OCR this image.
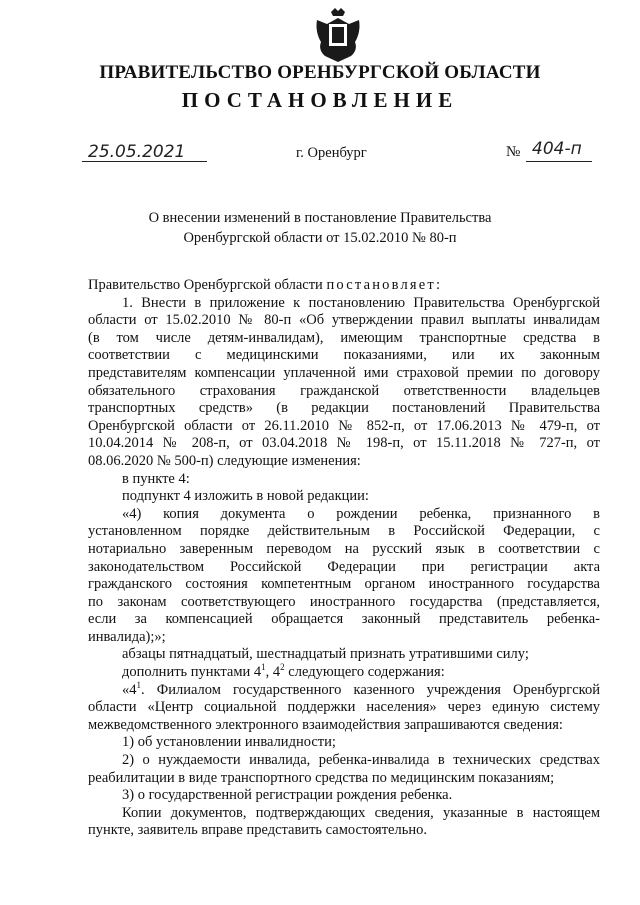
ПРАВИТЕЛЬСТВО ОРЕНБУРГСКОЙ ОБЛАСТИ
ПОСТАНОВЛЕНИЕ
25.05.2021	г. Оренбург	№ 404-п
О внесении изменений в постановление Правительства
Оренбургской области от 15.02.2010 № 80-п

Правительство Оренбургской области постановляет:

1. Внести в приложение к постановлению Правительства Оренбургской
области от 15.02.2010 № 80-п «Об утверждении правил выплаты инвалидам
(в том числе детям-инвалидам), имеющим транспортные средства в
соответствии с медицинскими показаниями, или их законным
представителям компенсации уплаченной ими страховой премии по договору
обязательного страхования гражданской ответственности владельцев
транспортных средств» (в редакции постановлений Правительства
Оренбургской области от 26.11.2010 № 852-п, от 17.06.2013 № 479-п, от
10.04.2014 № 208-п, от 03.04.2018 № 198-п, от 15.11.2018 № 727-п, от
08.06.2020 № 500-п) следующие изменения:

в пункте 4:

подпункт 4 изложить в новой редакции:

«4) копия документа о рождении ребенка, признанного в
установленном порядке действительным в Российской Федерации, с
нотариально заверенным переводом на русский язык в соответствии с
законодательством Российской Федерации при регистрации акта
гражданского состояния компетентным органом иностранного государства
по законам соответствующего иностранного государства (представляется,
если за компенсацией обращается законный представитель ребенка-
инвалида);»;

абзацы пятнадцатый, шестнадцатый признать утратившими силу;

дополнить пунктами $4^1$, $4^2$ следующего содержания:

«$4^1$. Филиалом государственного казенного учреждения Оренбургской
области «Центр социальной поддержки населения» через единую систему
межведомственного электронного взаимодействия запрашиваются сведения:

1) об установлении инвалидности;

2) о нуждаемости инвалида, ребенка-инвалида в технических средствах
реабилитации в виде транспортного средства по медицинским показаниям;

3) о государственной регистрации рождения ребенка.

Копии документов, подтверждающих сведения, указанные в настоящем
пункте, заявитель вправе представить самостоятельно.
